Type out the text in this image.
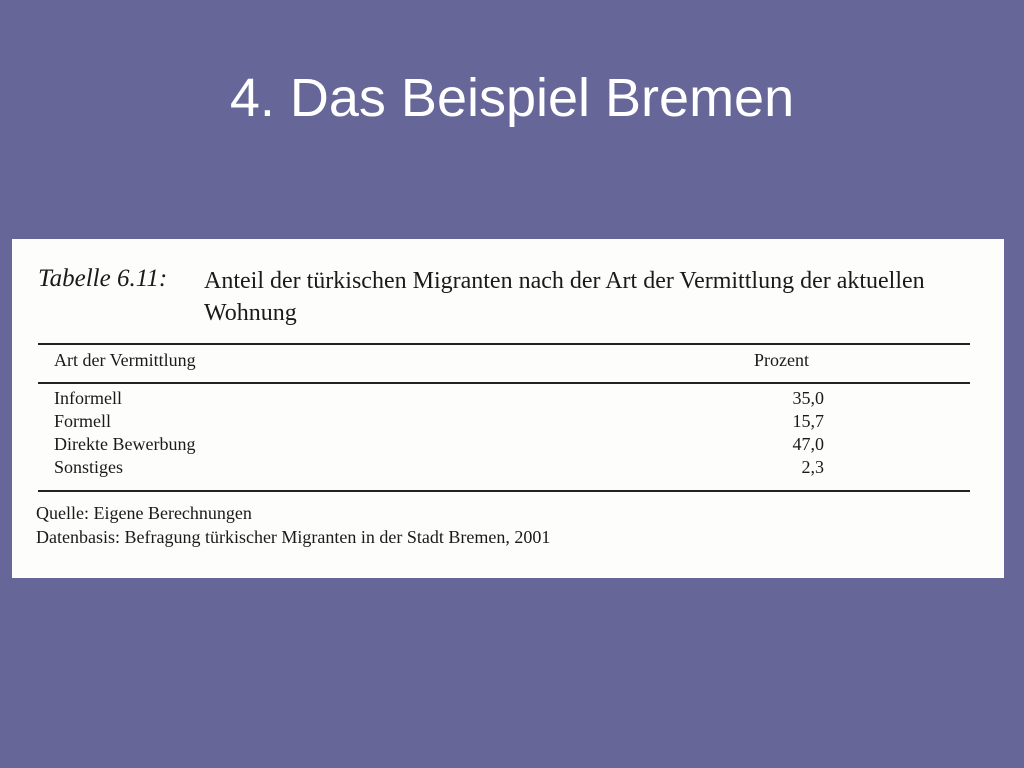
4. Das Beispiel Bremen
Tabelle 6.11: Anteil der türkischen Migranten nach der Art der Vermittlung der aktuellen Wohnung
Art der Vermittlung	Prozent
Informell	35,0
Formell	15,7
Direkte Bewerbung	47,0
Sonstiges	2,3
Quelle: Eigene Berechnungen
Datenbasis: Befragung türkischer Migranten in der Stadt Bremen, 2001
